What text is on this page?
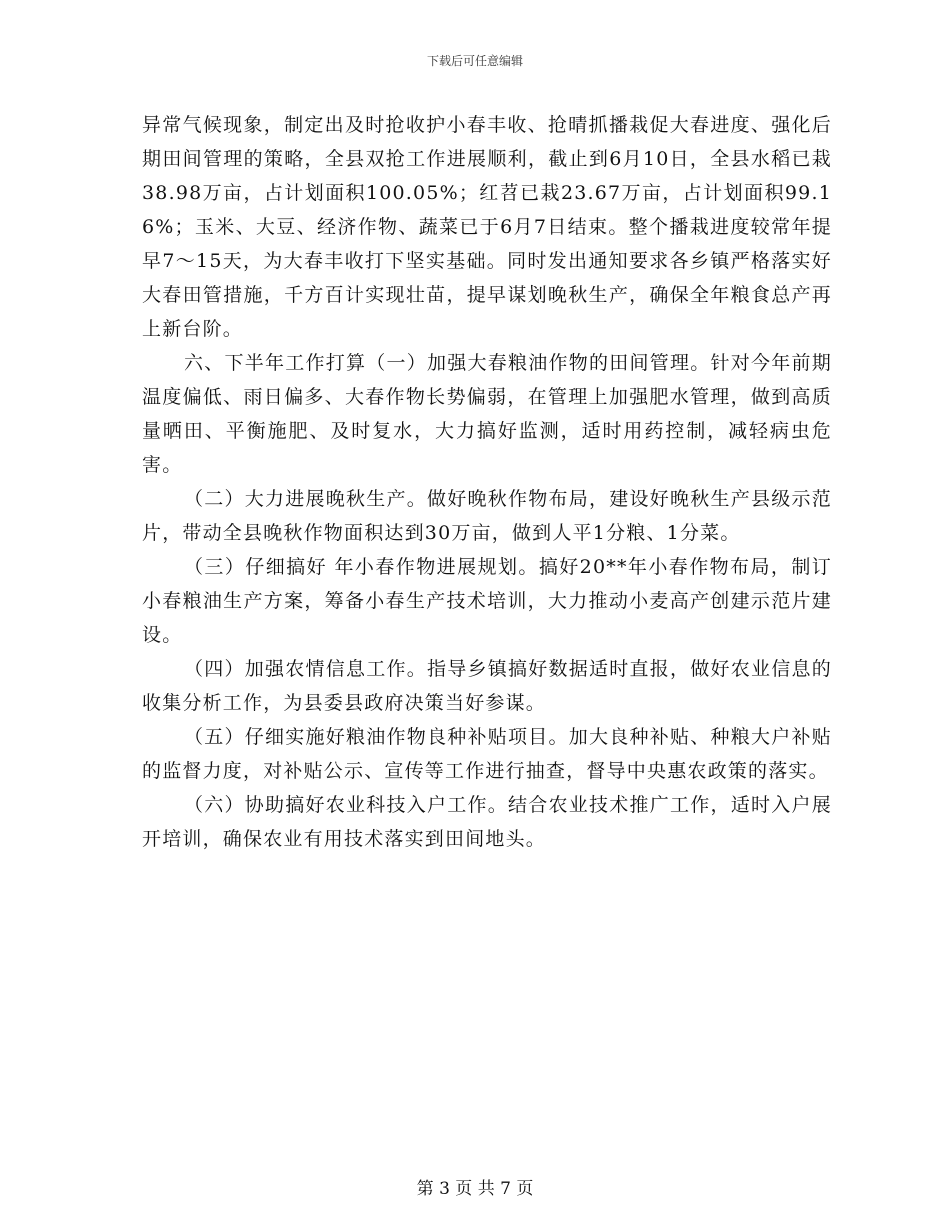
下载后可任意编辑

异常气候现象，制定出及时抢收护小春丰收、抢晴抓播栽促大春进度、强化后期田间管理的策略，全县双抢工作进展顺利，截止到6月10日，全县水稻已栽38.98万亩，占计划面积100.05%；红苕已栽23.67万亩，占计划面积99.16%；玉米、大豆、经济作物、蔬菜已于6月7日结束。整个播栽进度较常年提早7～15天，为大春丰收打下坚实基础。同时发出通知要求各乡镇严格落实好大春田管措施，千方百计实现壮苗，提早谋划晚秋生产，确保全年粮食总产再上新台阶。

六、下半年工作打算（一）加强大春粮油作物的田间管理。针对今年前期温度偏低、雨日偏多、大春作物长势偏弱，在管理上加强肥水管理，做到高质量晒田、平衡施肥、及时复水，大力搞好监测，适时用药控制，减轻病虫危害。

（二）大力进展晚秋生产。做好晚秋作物布局，建设好晚秋生产县级示范片，带动全县晚秋作物面积达到30万亩，做到人平1分粮、1分菜。

（三）仔细搞好 年小春作物进展规划。搞好20**年小春作物布局，制订小春粮油生产方案，筹备小春生产技术培训，大力推动小麦高产创建示范片建设。

（四）加强农情信息工作。指导乡镇搞好数据适时直报，做好农业信息的收集分析工作，为县委县政府决策当好参谋。

（五）仔细实施好粮油作物良种补贴项目。加大良种补贴、种粮大户补贴的监督力度，对补贴公示、宣传等工作进行抽查，督导中央惠农政策的落实。

（六）协助搞好农业科技入户工作。结合农业技术推广工作，适时入户展开培训，确保农业有用技术落实到田间地头。

第 3 页 共 7 页
